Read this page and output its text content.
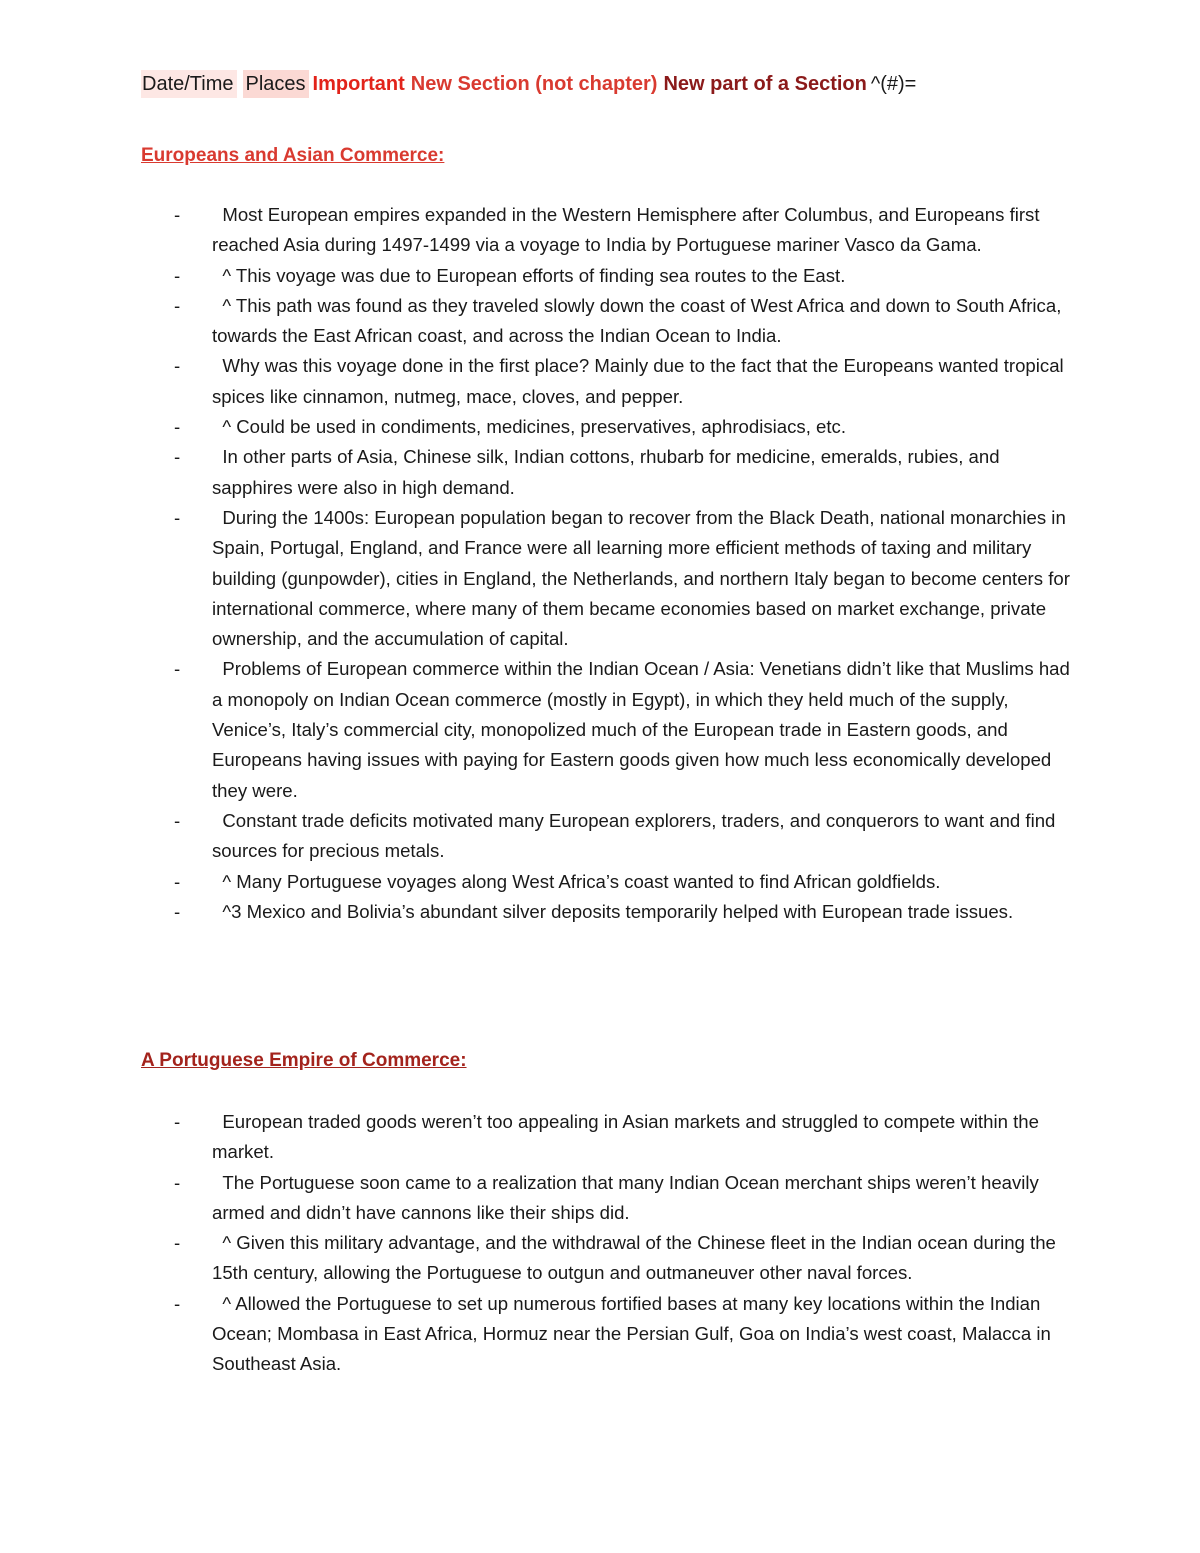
Date/Time Places Important New Section (not chapter) New part of a Section ^(#)=
Europeans and Asian Commerce:
-	Most European empires expanded in the Western Hemisphere after Columbus, and Europeans first reached Asia during 1497-1499 via a voyage to India by Portuguese mariner Vasco da Gama.
-	^ This voyage was due to European efforts of finding sea routes to the East.
-	^ This path was found as they traveled slowly down the coast of West Africa and down to South Africa, towards the East African coast, and across the Indian Ocean to India.
-	Why was this voyage done in the first place? Mainly due to the fact that the Europeans wanted tropical spices like cinnamon, nutmeg, mace, cloves, and pepper.
-	^ Could be used in condiments, medicines, preservatives, aphrodisiacs, etc.
-	In other parts of Asia, Chinese silk, Indian cottons, rhubarb for medicine, emeralds, rubies, and sapphires were also in high demand.
-	During the 1400s: European population began to recover from the Black Death, national monarchies in Spain, Portugal, England, and France were all learning more efficient methods of taxing and military building (gunpowder), cities in England, the Netherlands, and northern Italy began to become centers for international commerce, where many of them became economies based on market exchange, private ownership, and the accumulation of capital.
-	Problems of European commerce within the Indian Ocean / Asia: Venetians didn’t like that Muslims had a monopoly on Indian Ocean commerce (mostly in Egypt), in which they held much of the supply, Venice’s, Italy’s commercial city, monopolized much of the European trade in Eastern goods, and Europeans having issues with paying for Eastern goods given how much less economically developed they were.
-	Constant trade deficits motivated many European explorers, traders, and conquerors to want and find sources for precious metals.
-	^ Many Portuguese voyages along West Africa’s coast wanted to find African goldfields.
-	^3 Mexico and Bolivia’s abundant silver deposits temporarily helped with European trade issues.
A Portuguese Empire of Commerce:
-	European traded goods weren’t too appealing in Asian markets and struggled to compete within the market.
-	The Portuguese soon came to a realization that many Indian Ocean merchant ships weren’t heavily armed and didn’t have cannons like their ships did.
-	^ Given this military advantage, and the withdrawal of the Chinese fleet in the Indian ocean during the 15th century, allowing the Portuguese to outgun and outmaneuver other naval forces.
-	^ Allowed the Portuguese to set up numerous fortified bases at many key locations within the Indian Ocean; Mombasa in East Africa, Hormuz near the Persian Gulf, Goa on India’s west coast, Malacca in Southeast Asia.
